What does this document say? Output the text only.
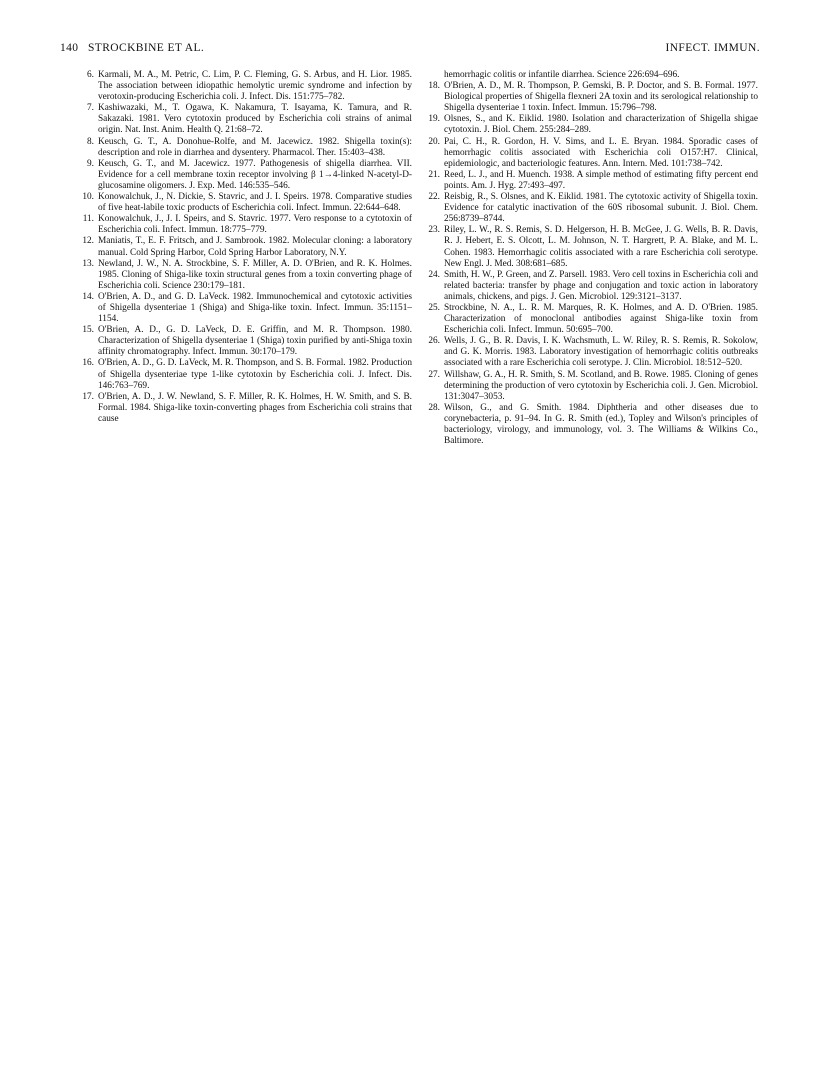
140 STROCKBINE ET AL.	INFECT. IMMUN.
6. Karmali, M. A., M. Petric, C. Lim, P. C. Fleming, G. S. Arbus, and H. Lior. 1985. The association between idiopathic hemolytic uremic syndrome and infection by verotoxin-producing Escherichia coli. J. Infect. Dis. 151:775–782.
7. Kashiwazaki, M., T. Ogawa, K. Nakamura, T. Isayama, K. Tamura, and R. Sakazaki. 1981. Vero cytotoxin produced by Escherichia coli strains of animal origin. Nat. Inst. Anim. Health Q. 21:68–72.
8. Keusch, G. T., A. Donohue-Rolfe, and M. Jacewicz. 1982. Shigella toxin(s): description and role in diarrhea and dysentery. Pharmacol. Ther. 15:403–438.
9. Keusch, G. T., and M. Jacewicz. 1977. Pathogenesis of shigella diarrhea. VII. Evidence for a cell membrane toxin receptor involving β 1→4-linked N-acetyl-D-glucosamine oligomers. J. Exp. Med. 146:535–546.
10. Konowalchuk, J., N. Dickie, S. Stavric, and J. I. Speirs. 1978. Comparative studies of five heat-labile toxic products of Escherichia coli. Infect. Immun. 22:644–648.
11. Konowalchuk, J., J. I. Speirs, and S. Stavric. 1977. Vero response to a cytotoxin of Escherichia coli. Infect. Immun. 18:775–779.
12. Maniatis, T., E. F. Fritsch, and J. Sambrook. 1982. Molecular cloning: a laboratory manual. Cold Spring Harbor, Cold Spring Harbor Laboratory, N.Y.
13. Newland, J. W., N. A. Strockbine, S. F. Miller, A. D. O'Brien, and R. K. Holmes. 1985. Cloning of Shiga-like toxin structural genes from a toxin converting phage of Escherichia coli. Science 230:179–181.
14. O'Brien, A. D., and G. D. LaVeck. 1982. Immunochemical and cytotoxic activities of Shigella dysenteriae 1 (Shiga) and Shiga-like toxin. Infect. Immun. 35:1151–1154.
15. O'Brien, A. D., G. D. LaVeck, D. E. Griffin, and M. R. Thompson. 1980. Characterization of Shigella dysenteriae 1 (Shiga) toxin purified by anti-Shiga toxin affinity chromatography. Infect. Immun. 30:170–179.
16. O'Brien, A. D., G. D. LaVeck, M. R. Thompson, and S. B. Formal. 1982. Production of Shigella dysenteriae type 1-like cytotoxin by Escherichia coli. J. Infect. Dis. 146:763–769.
17. O'Brien, A. D., J. W. Newland, S. F. Miller, R. K. Holmes, H. W. Smith, and S. B. Formal. 1984. Shiga-like toxin-converting phages from Escherichia coli strains that cause
hemorrhagic colitis or infantile diarrhea. Science 226:694–696.
18. O'Brien, A. D., M. R. Thompson, P. Gemski, B. P. Doctor, and S. B. Formal. 1977. Biological properties of Shigella flexneri 2A toxin and its serological relationship to Shigella dysenteriae 1 toxin. Infect. Immun. 15:796–798.
19. Olsnes, S., and K. Eiklid. 1980. Isolation and characterization of Shigella shigae cytotoxin. J. Biol. Chem. 255:284–289.
20. Pai, C. H., R. Gordon, H. V. Sims, and L. E. Bryan. 1984. Sporadic cases of hemorrhagic colitis associated with Escherichia coli O157:H7. Clinical, epidemiologic, and bacteriologic features. Ann. Intern. Med. 101:738–742.
21. Reed, L. J., and H. Muench. 1938. A simple method of estimating fifty percent end points. Am. J. Hyg. 27:493–497.
22. Reisbig, R., S. Olsnes, and K. Eiklid. 1981. The cytotoxic activity of Shigella toxin. Evidence for catalytic inactivation of the 60S ribosomal subunit. J. Biol. Chem. 256:8739–8744.
23. Riley, L. W., R. S. Remis, S. D. Helgerson, H. B. McGee, J. G. Wells, B. R. Davis, R. J. Hebert, E. S. Olcott, L. M. Johnson, N. T. Hargrett, P. A. Blake, and M. L. Cohen. 1983. Hemorrhagic colitis associated with a rare Escherichia coli serotype. New Engl. J. Med. 308:681–685.
24. Smith, H. W., P. Green, and Z. Parsell. 1983. Vero cell toxins in Escherichia coli and related bacteria: transfer by phage and conjugation and toxic action in laboratory animals, chickens, and pigs. J. Gen. Microbiol. 129:3121–3137.
25. Strockbine, N. A., L. R. M. Marques, R. K. Holmes, and A. D. O'Brien. 1985. Characterization of monoclonal antibodies against Shiga-like toxin from Escherichia coli. Infect. Immun. 50:695–700.
26. Wells, J. G., B. R. Davis, I. K. Wachsmuth, L. W. Riley, R. S. Remis, R. Sokolow, and G. K. Morris. 1983. Laboratory investigation of hemorrhagic colitis outbreaks associated with a rare Escherichia coli serotype. J. Clin. Microbiol. 18:512–520.
27. Willshaw, G. A., H. R. Smith, S. M. Scotland, and B. Rowe. 1985. Cloning of genes determining the production of vero cytotoxin by Escherichia coli. J. Gen. Microbiol. 131:3047–3053.
28. Wilson, G., and G. Smith. 1984. Diphtheria and other diseases due to corynebacteria, p. 91–94. In G. R. Smith (ed.), Topley and Wilson's principles of bacteriology, virology, and immunology, vol. 3. The Williams & Wilkins Co., Baltimore.
